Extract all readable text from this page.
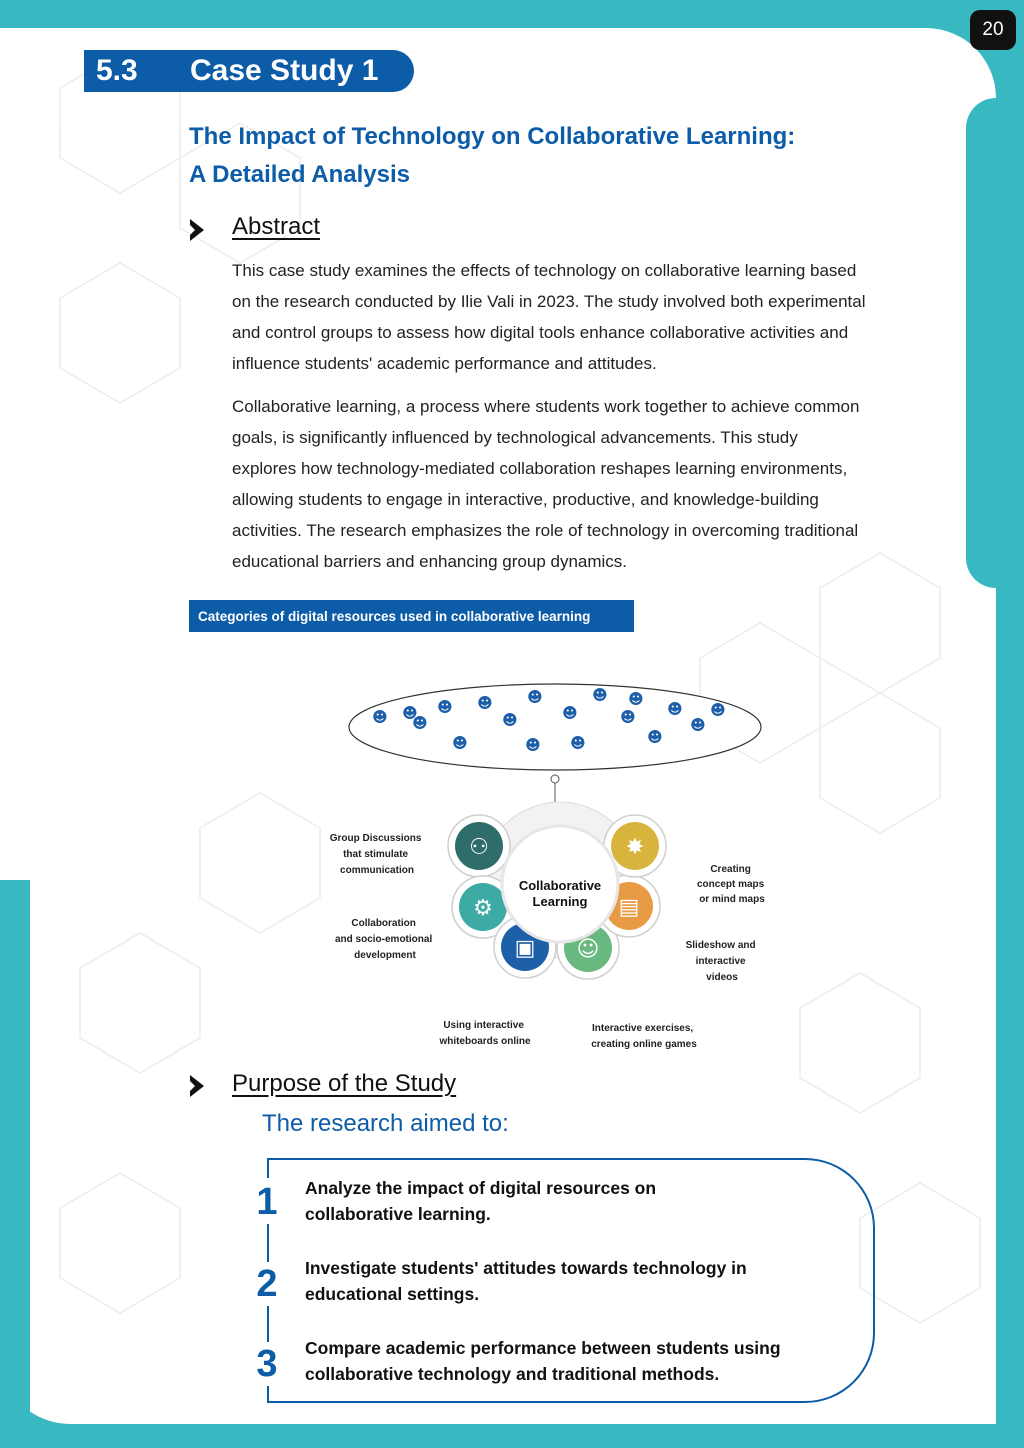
20
5.3 Case Study 1
The Impact of Technology on Collaborative Learning:
A Detailed Analysis
Abstract

This case study examines the effects of technology on collaborative learning based
on the research conducted by Ilie Vali in 2023. The study involved both experimental
and control groups to assess how digital tools enhance collaborative activities and
influence students' academic performance and attitudes.

Collaborative learning, a process where students work together to achieve common
goals, is significantly influenced by technological advancements. This study
explores how technology-mediated collaboration reshapes learning environments,
allowing students to engage in interactive, productive, and knowledge-building
activities. The research emphasizes the role of technology in overcoming traditional
educational barriers and enhancing group dynamics.

Categories of digital resources used in collaborative learning
☻ ☻ ☻
☻
☻
☻
☻
☻
☻ ☻
☻ ☻
☻
☻
☻	☻ ☻	☻
⚇
⚙
▣ ☺
▤
✸
Collaborative
Learning
Group Discussions that stimulate communication
Collaboration and socio-emotional development
Using interactive whiteboards online
Interactive exercises, creating online games
Slideshow and interactive videos
Creating concept maps or mind maps
Purpose of the Study
The research aimed to:
1	Analyze the impact of digital resources on
collaborative learning.
2	Investigate students' attitudes towards technology in
educational settings.
3	Compare academic performance between students using
collaborative technology and traditional methods.
